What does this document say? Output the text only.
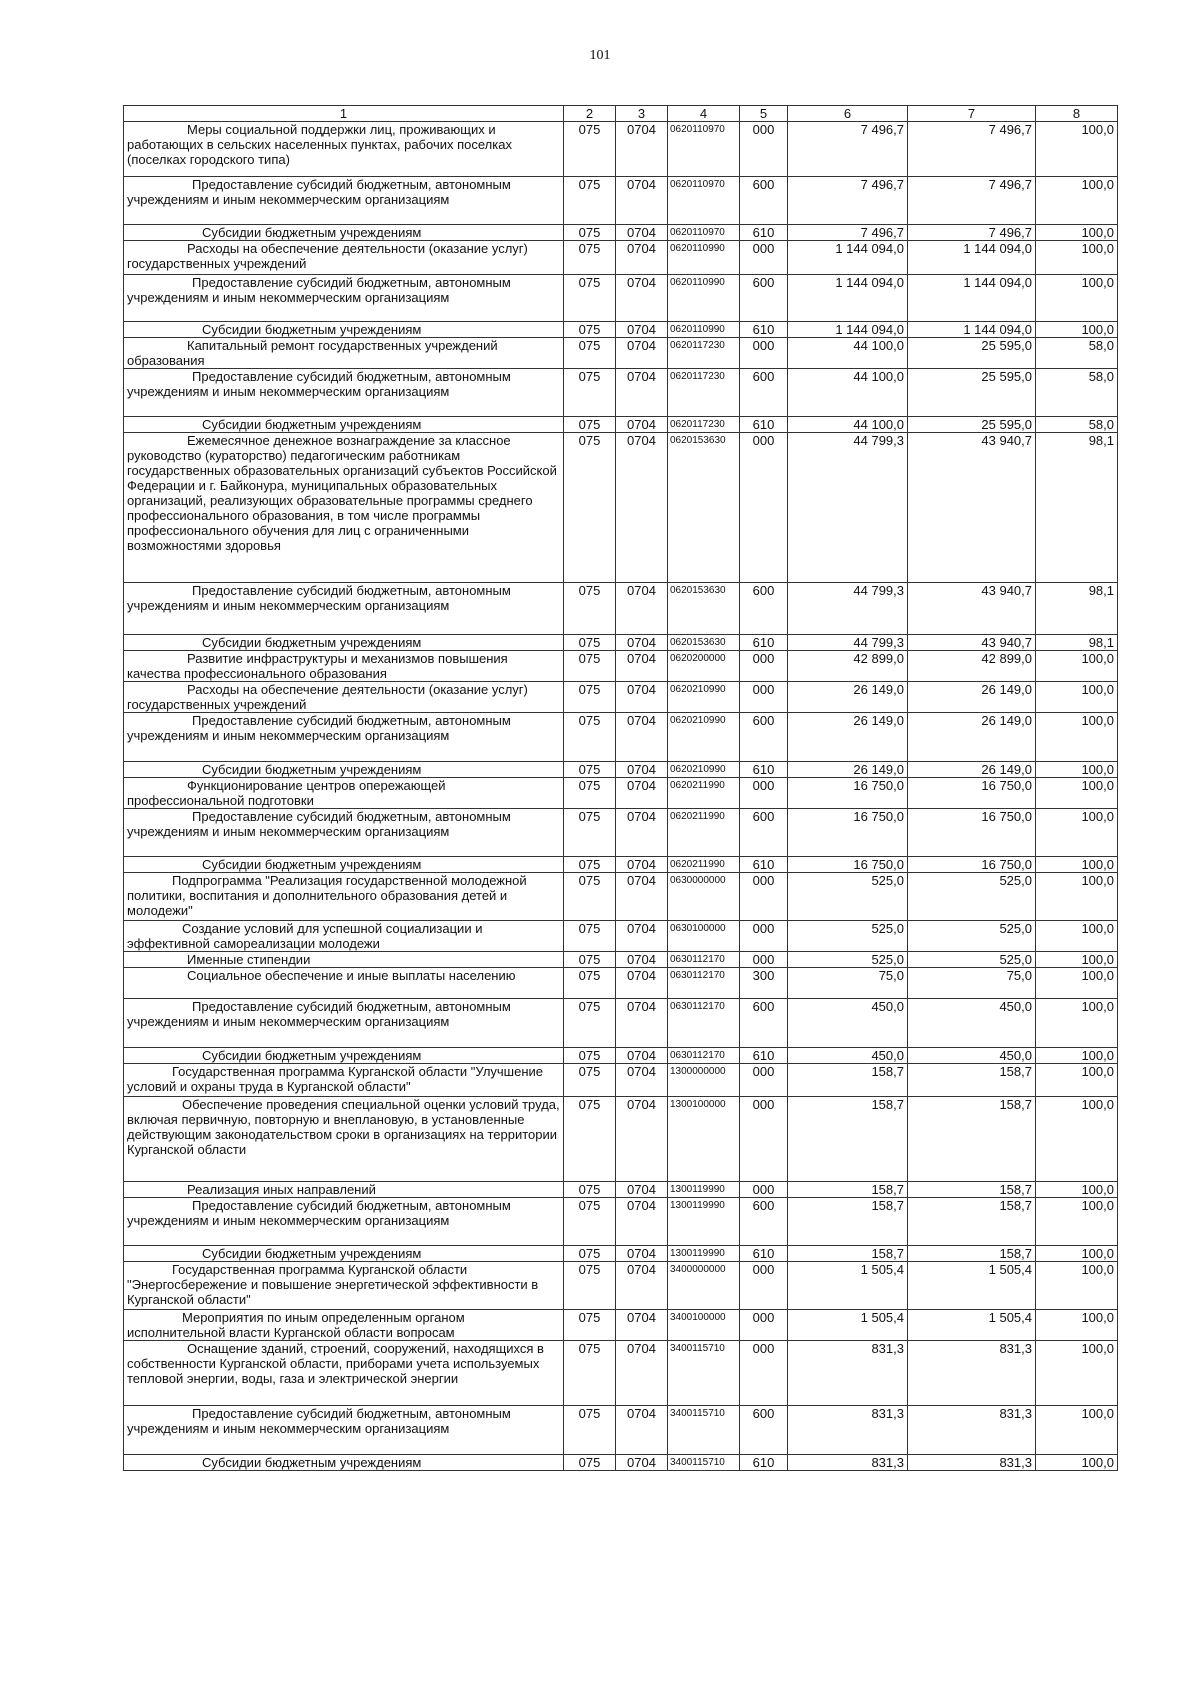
101
1	2	3	4	5	6	7	8
Меры социальной поддержки лиц, проживающих и работающих в сельских населенных пунктах, рабочих поселках (поселках городского типа)	075	0704	0620110970	000	7 496,7	7 496,7	100,0
Предоставление субсидий бюджетным, автономным учреждениям и иным некоммерческим организациям	075	0704	0620110970	600	7 496,7	7 496,7	100,0
Субсидии бюджетным учреждениям	075	0704	0620110970	610	7 496,7	7 496,7	100,0
Расходы на обеспечение деятельности (оказание услуг) государственных учреждений	075	0704	0620110990	000	1 144 094,0	1 144 094,0	100,0
Предоставление субсидий бюджетным, автономным учреждениям и иным некоммерческим организациям	075	0704	0620110990	600	1 144 094,0	1 144 094,0	100,0
Субсидии бюджетным учреждениям	075	0704	0620110990	610	1 144 094,0	1 144 094,0	100,0
Капитальный ремонт государственных учреждений образования	075	0704	0620117230	000	44 100,0	25 595,0	58,0
Предоставление субсидий бюджетным, автономным учреждениям и иным некоммерческим организациям	075	0704	0620117230	600	44 100,0	25 595,0	58,0
Субсидии бюджетным учреждениям	075	0704	0620117230	610	44 100,0	25 595,0	58,0
Ежемесячное денежное вознаграждение за классное руководство (кураторство) педагогическим работникам государственных образовательных организаций субъектов Российской Федерации и г. Байконура, муниципальных образовательных организаций, реализующих образовательные программы среднего профессионального образования, в том числе программы профессионального обучения для лиц с ограниченными возможностями здоровья	075	0704	0620153630	000	44 799,3	43 940,7	98,1
Предоставление субсидий бюджетным, автономным учреждениям и иным некоммерческим организациям	075	0704	0620153630	600	44 799,3	43 940,7	98,1
Субсидии бюджетным учреждениям	075	0704	0620153630	610	44 799,3	43 940,7	98,1
Развитие инфраструктуры и механизмов повышения качества профессионального образования	075	0704	0620200000	000	42 899,0	42 899,0	100,0
Расходы на обеспечение деятельности (оказание услуг) государственных учреждений	075	0704	0620210990	000	26 149,0	26 149,0	100,0
Предоставление субсидий бюджетным, автономным учреждениям и иным некоммерческим организациям	075	0704	0620210990	600	26 149,0	26 149,0	100,0
Субсидии бюджетным учреждениям	075	0704	0620210990	610	26 149,0	26 149,0	100,0
Функционирование центров опережающей профессиональной подготовки	075	0704	0620211990	000	16 750,0	16 750,0	100,0
Предоставление субсидий бюджетным, автономным учреждениям и иным некоммерческим организациям	075	0704	0620211990	600	16 750,0	16 750,0	100,0
Субсидии бюджетным учреждениям	075	0704	0620211990	610	16 750,0	16 750,0	100,0
Подпрограмма "Реализация государственной молодежной политики, воспитания и дополнительного образования детей и молодежи"	075	0704	0630000000	000	525,0	525,0	100,0
Создание условий для успешной социализации и эффективной самореализации молодежи	075	0704	0630100000	000	525,0	525,0	100,0
Именные стипендии	075	0704	0630112170	000	525,0	525,0	100,0
Социальное обеспечение и иные выплаты населению	075	0704	0630112170	300	75,0	75,0	100,0
Предоставление субсидий бюджетным, автономным учреждениям и иным некоммерческим организациям	075	0704	0630112170	600	450,0	450,0	100,0
Субсидии бюджетным учреждениям	075	0704	0630112170	610	450,0	450,0	100,0
Государственная программа Курганской области "Улучшение условий и охраны труда в Курганской области"	075	0704	1300000000	000	158,7	158,7	100,0
Обеспечение проведения специальной оценки условий труда, включая первичную, повторную и внеплановую, в установленные действующим законодательством сроки в организациях на территории Курганской области	075	0704	1300100000	000	158,7	158,7	100,0
Реализация иных направлений	075	0704	1300119990	000	158,7	158,7	100,0
Предоставление субсидий бюджетным, автономным учреждениям и иным некоммерческим организациям	075	0704	1300119990	600	158,7	158,7	100,0
Субсидии бюджетным учреждениям	075	0704	1300119990	610	158,7	158,7	100,0
Государственная программа Курганской области "Энергосбережение и повышение энергетической эффективности в Курганской области"	075	0704	3400000000	000	1 505,4	1 505,4	100,0
Мероприятия по иным определенным органом исполнительной власти Курганской области вопросам	075	0704	3400100000	000	1 505,4	1 505,4	100,0
Оснащение зданий, строений, сооружений, находящихся в собственности Курганской области, приборами учета используемых тепловой энергии, воды, газа и электрической энергии	075	0704	3400115710	000	831,3	831,3	100,0
Предоставление субсидий бюджетным, автономным учреждениям и иным некоммерческим организациям	075	0704	3400115710	600	831,3	831,3	100,0
Субсидии бюджетным учреждениям	075	0704	3400115710	610	831,3	831,3	100,0
